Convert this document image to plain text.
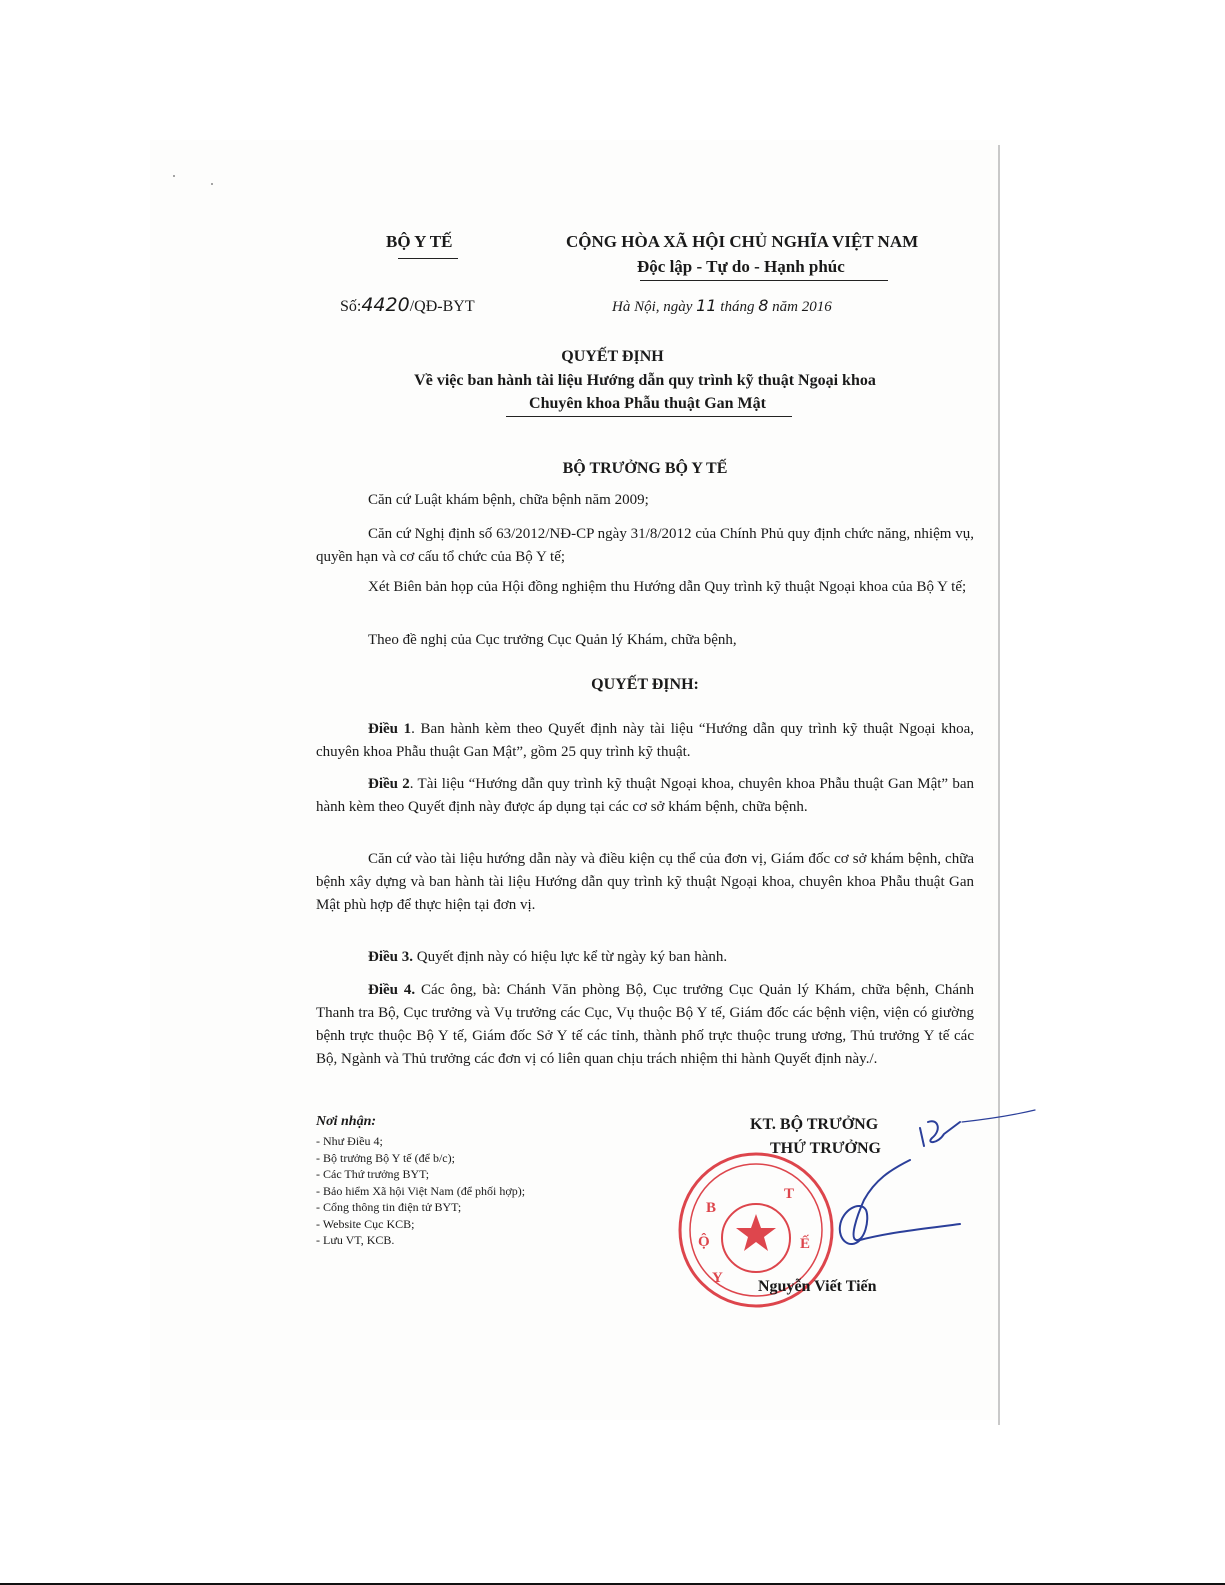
BỘ Y TẾ	CỘNG HÒA XÃ HỘI CHỦ NGHĨA VIỆT NAM
Độc lập - Tự do - Hạnh phúc
Số:4420/QĐ-BYT	Hà Nội, ngày 11 tháng 8 năm 2016
QUYẾT ĐỊNH
Về việc ban hành tài liệu Hướng dẫn quy trình kỹ thuật Ngoại khoa
Chuyên khoa Phẫu thuật Gan Mật
BỘ TRƯỞNG BỘ Y TẾ
Căn cứ Luật khám bệnh, chữa bệnh năm 2009;
Căn cứ Nghị định số 63/2012/NĐ-CP ngày 31/8/2012 của Chính Phủ quy định chức năng, nhiệm vụ, quyền hạn và cơ cấu tổ chức của Bộ Y tế;
Xét Biên bản họp của Hội đồng nghiệm thu Hướng dẫn Quy trình kỹ thuật Ngoại khoa của Bộ Y tế;
Theo đề nghị của Cục trưởng Cục Quản lý Khám, chữa bệnh,
QUYẾT ĐỊNH:
Điều 1. Ban hành kèm theo Quyết định này tài liệu “Hướng dẫn quy trình kỹ thuật Ngoại khoa, chuyên khoa Phẫu thuật Gan Mật”, gồm 25 quy trình kỹ thuật.
Điều 2. Tài liệu “Hướng dẫn quy trình kỹ thuật Ngoại khoa, chuyên khoa Phẫu thuật Gan Mật” ban hành kèm theo Quyết định này được áp dụng tại các cơ sở khám bệnh, chữa bệnh.
Căn cứ vào tài liệu hướng dẫn này và điều kiện cụ thể của đơn vị, Giám đốc cơ sở khám bệnh, chữa bệnh xây dựng và ban hành tài liệu Hướng dẫn quy trình kỹ thuật Ngoại khoa, chuyên khoa Phẫu thuật Gan Mật phù hợp để thực hiện tại đơn vị.
Điều 3. Quyết định này có hiệu lực kể từ ngày ký ban hành.
Điều 4. Các ông, bà: Chánh Văn phòng Bộ, Cục trưởng Cục Quản lý Khám, chữa bệnh, Chánh Thanh tra Bộ, Cục trưởng và Vụ trưởng các Cục, Vụ thuộc Bộ Y tế, Giám đốc các bệnh viện, viện có giường bệnh trực thuộc Bộ Y tế, Giám đốc Sở Y tế các tỉnh, thành phố trực thuộc trung ương, Thủ trưởng Y tế các Bộ, Ngành và Thủ trưởng các đơn vị có liên quan chịu trách nhiệm thi hành Quyết định này./.
Nơi nhận:
- Như Điều 4;
- Bộ trưởng Bộ Y tế (để b/c);
- Các Thứ trưởng BYT;
- Bảo hiểm Xã hội Việt Nam (để phối hợp);
- Cổng thông tin điện tử BYT;
- Website Cục KCB;
- Lưu VT, KCB.
KT. BỘ TRƯỞNG
THỨ TRƯỞNG
B
Ộ
Y
T
Ế
Nguyễn Viết Tiến
